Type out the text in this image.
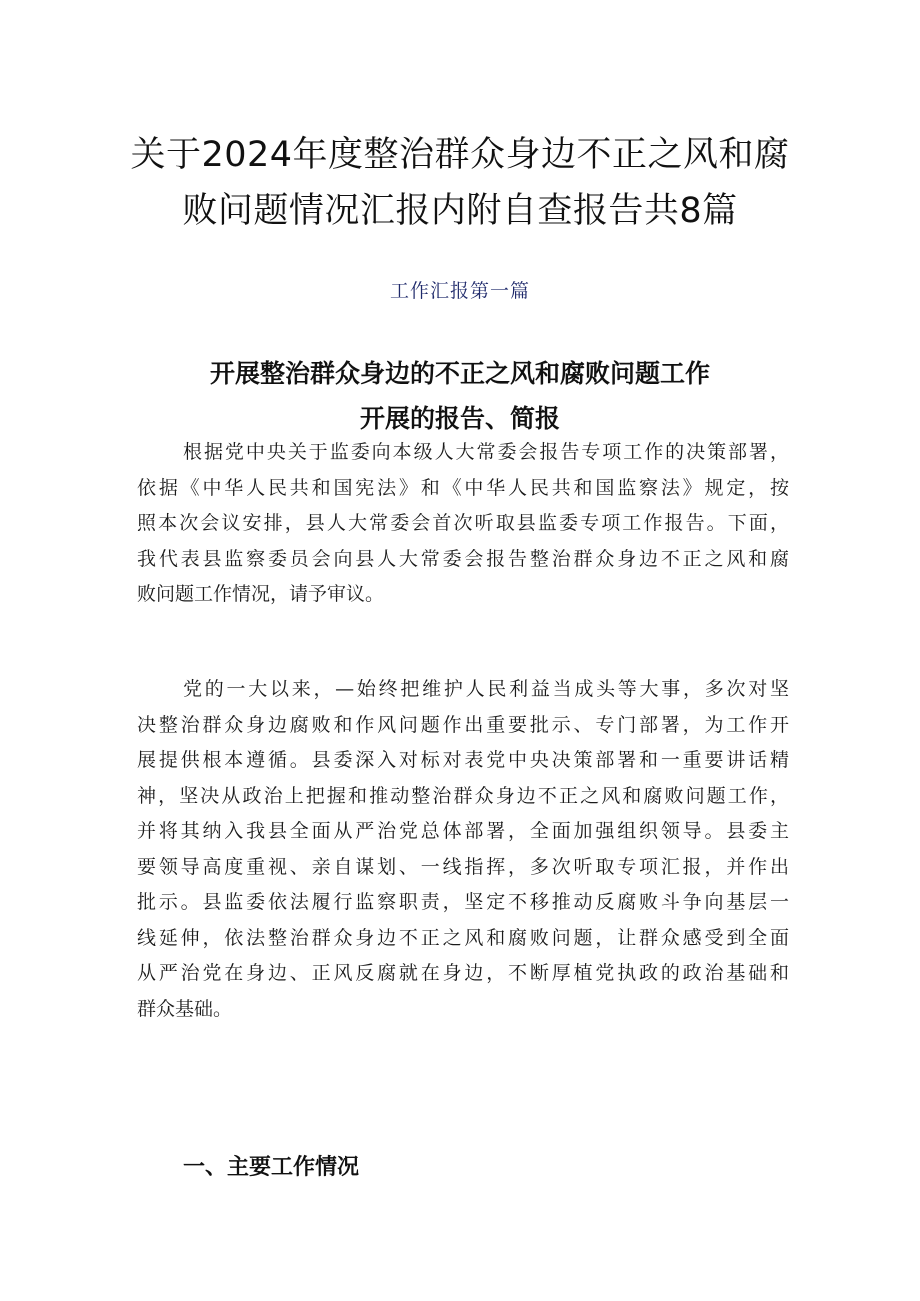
关于2024年度整治群众身边不正之风和腐
败问题情况汇报内附自查报告共8篇
工作汇报第一篇
开展整治群众身边的不正之风和腐败问题工作
开展的报告、简报
根据党中央关于监委向本级人大常委会报告专项工作的决策部署，
依据《中华人民共和国宪法》和《中华人民共和国监察法》规定，按
照本次会议安排，县人大常委会首次听取县监委专项工作报告。下面，
我代表县监察委员会向县人大常委会报告整治群众身边不正之风和腐
败问题工作情况，请予审议。
党的一大以来，—始终把维护人民利益当成头等大事，多次对坚
决整治群众身边腐败和作风问题作出重要批示、专门部署，为工作开
展提供根本遵循。县委深入对标对表党中央决策部署和一重要讲话精
神，坚决从政治上把握和推动整治群众身边不正之风和腐败问题工作，
并将其纳入我县全面从严治党总体部署，全面加强组织领导。县委主
要领导高度重视、亲自谋划、一线指挥，多次听取专项汇报，并作出
批示。县监委依法履行监察职责，坚定不移推动反腐败斗争向基层一
线延伸，依法整治群众身边不正之风和腐败问题，让群众感受到全面
从严治党在身边、正风反腐就在身边，不断厚植党执政的政治基础和
群众基础。
一、主要工作情况
